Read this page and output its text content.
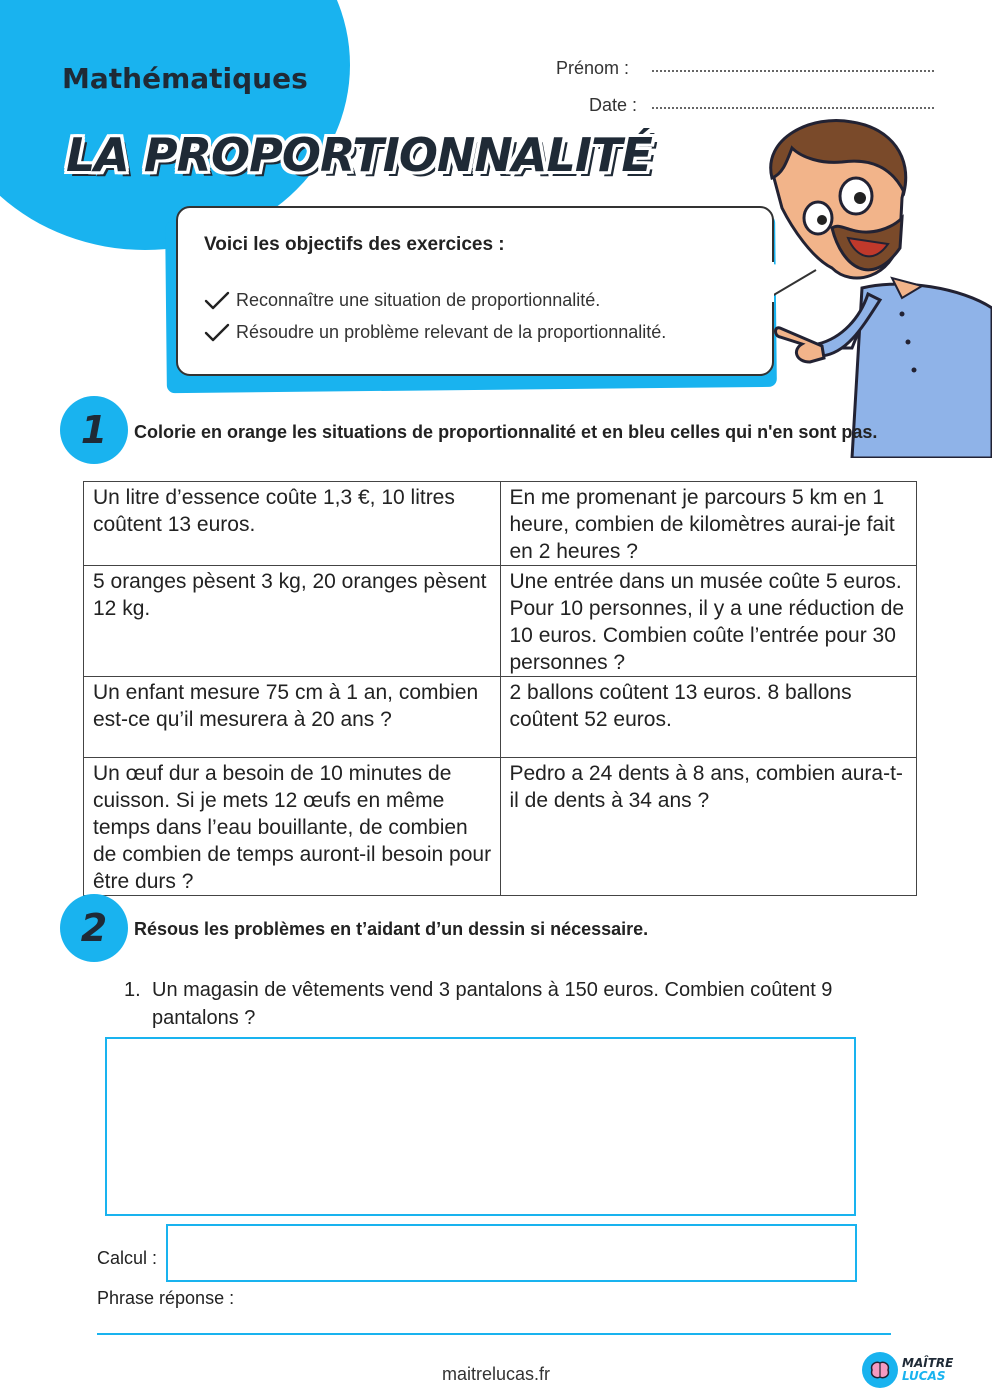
Mathématiques
LA PROPORTIONNALITÉ
Prénom :
Date :
Voici les objectifs des exercices :
Reconnaître une situation de proportionnalité.
Résoudre un problème relevant de la proportionnalité.
1	Colorie en orange les situations de proportionnalité et en bleu celles qui n'en sont pas.
Un litre d’essence coûte 1,3 €, 10 litres coûtent 13 euros.	En me promenant je parcours 5 km en 1 heure, combien de kilomètres aurai-je fait en 2 heures ?
5 oranges pèsent 3 kg, 20 oranges pèsent 12 kg.	Une entrée dans un musée coûte 5 euros. Pour 10 personnes, il y a une réduction de 10 euros. Combien coûte l’entrée pour 30 personnes ?
Un enfant mesure 75 cm à 1 an, combien est-ce qu’il mesurera à 20 ans ?	2 ballons coûtent 13 euros. 8 ballons coûtent 52 euros.
Un œuf dur a besoin de 10 minutes de cuisson. Si je mets 12 œufs en même temps dans l’eau bouillante, de combien de combien de temps auront-il besoin pour être durs ?	Pedro a 24 dents à 8 ans, combien aura-t-il de dents à 34 ans ?
2	Résous les problèmes en t’aidant d’un dessin si nécessaire.
1. Un magasin de vêtements vend 3 pantalons à 150 euros. Combien coûtent 9 pantalons ?
Calcul :
Phrase réponse :
maitrelucas.fr
MAÎTRE
LUCAS
